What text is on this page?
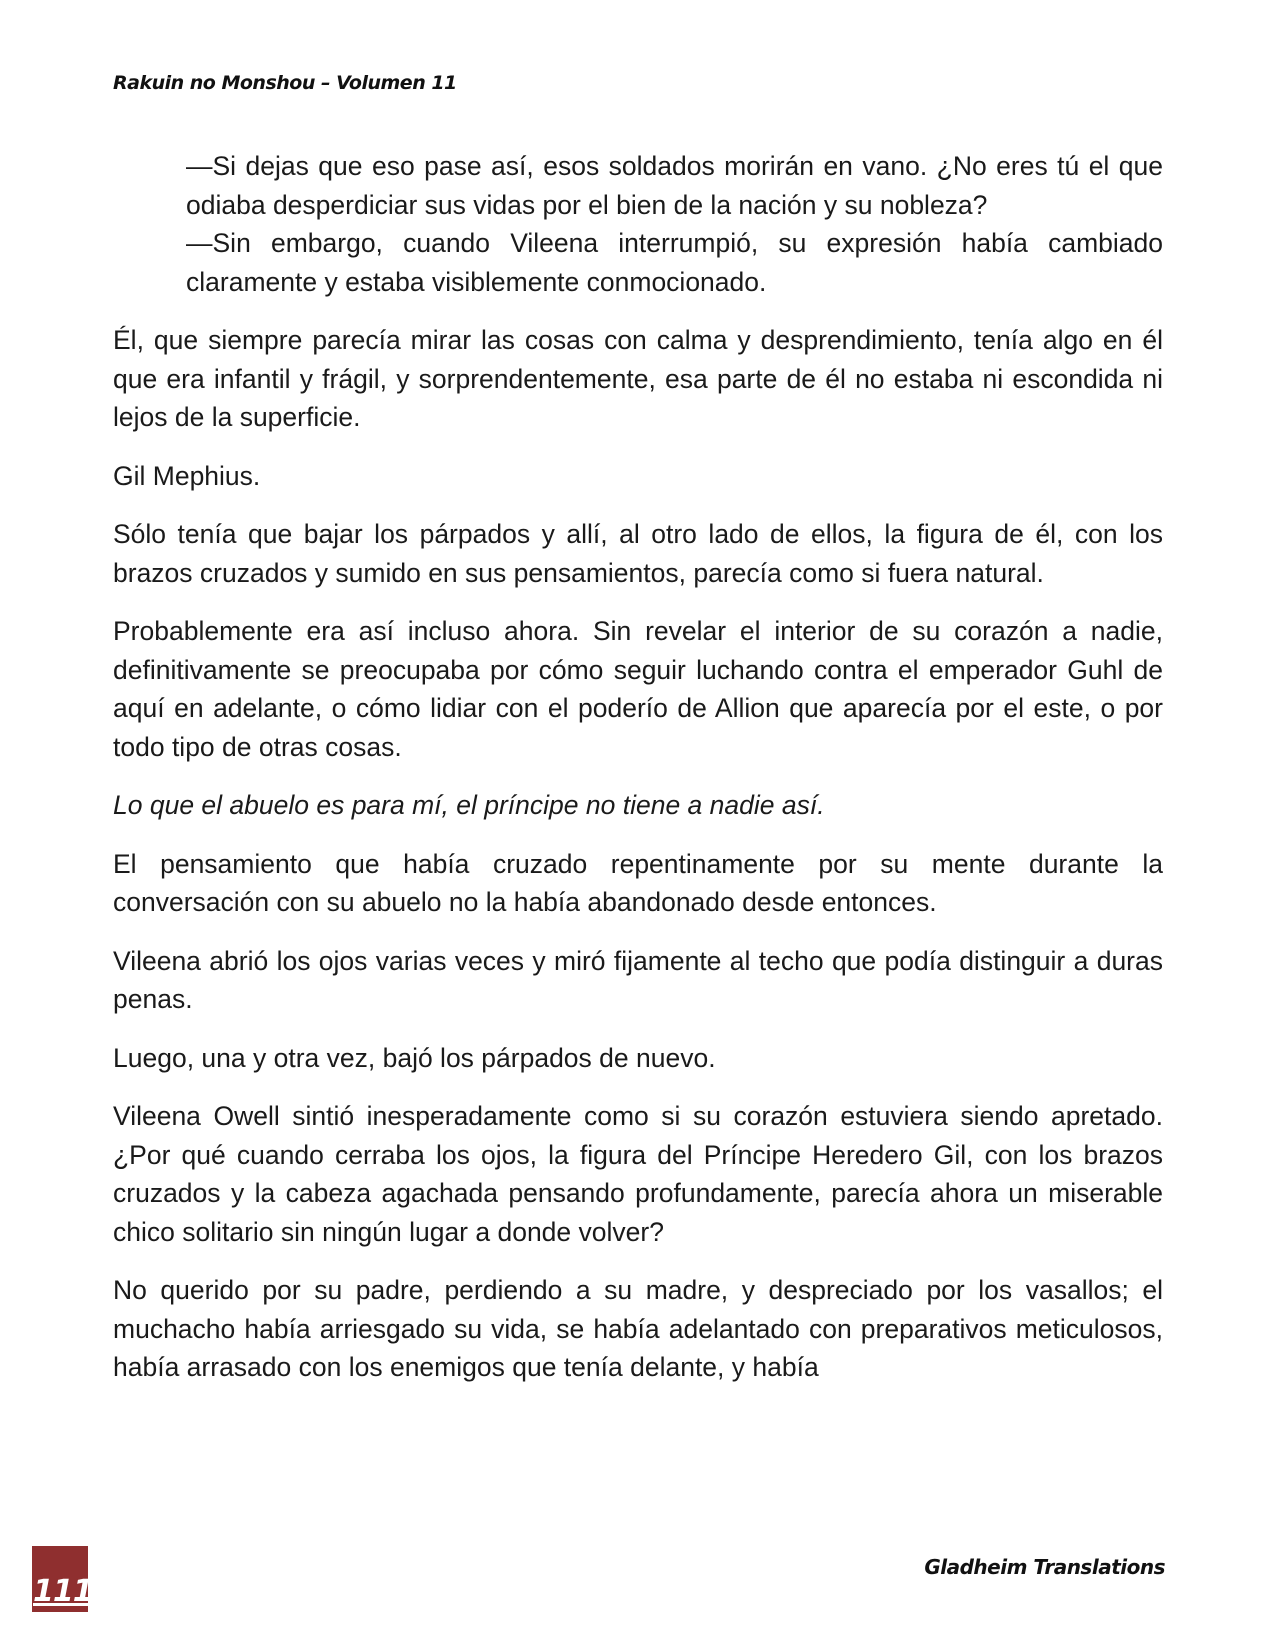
Rakuin no Monshou – Volumen 11

—Si dejas que eso pase así, esos soldados morirán en vano. ¿No eres tú el que odiaba desperdiciar sus vidas por el bien de la nación y su nobleza?
—Sin embargo, cuando Vileena interrumpió, su expresión había cambiado claramente y estaba visiblemente conmocionado.

Él, que siempre parecía mirar las cosas con calma y desprendimiento, tenía algo en él que era infantil y frágil, y sorprendentemente, esa parte de él no estaba ni escondida ni lejos de la superficie.

Gil Mephius.

Sólo tenía que bajar los párpados y allí, al otro lado de ellos, la figura de él, con los brazos cruzados y sumido en sus pensamientos, parecía como si fuera natural.

Probablemente era así incluso ahora. Sin revelar el interior de su corazón a nadie, definitivamente se preocupaba por cómo seguir luchando contra el emperador Guhl de aquí en adelante, o cómo lidiar con el poderío de Allion que aparecía por el este, o por todo tipo de otras cosas.

Lo que el abuelo es para mí, el príncipe no tiene a nadie así.

El pensamiento que había cruzado repentinamente por su mente durante la conversación con su abuelo no la había abandonado desde entonces.

Vileena abrió los ojos varias veces y miró fijamente al techo que podía distinguir a duras penas.

Luego, una y otra vez, bajó los párpados de nuevo.

Vileena Owell sintió inesperadamente como si su corazón estuviera siendo apretado. ¿Por qué cuando cerraba los ojos, la figura del Príncipe Heredero Gil, con los brazos cruzados y la cabeza agachada pensando profundamente, parecía ahora un miserable chico solitario sin ningún lugar a donde volver?

No querido por su padre, perdiendo a su madre, y despreciado por los vasallos; el muchacho había arriesgado su vida, se había adelantado con preparativos meticulosos, había arrasado con los enemigos que tenía delante, y había

111
Gladheim Translations
